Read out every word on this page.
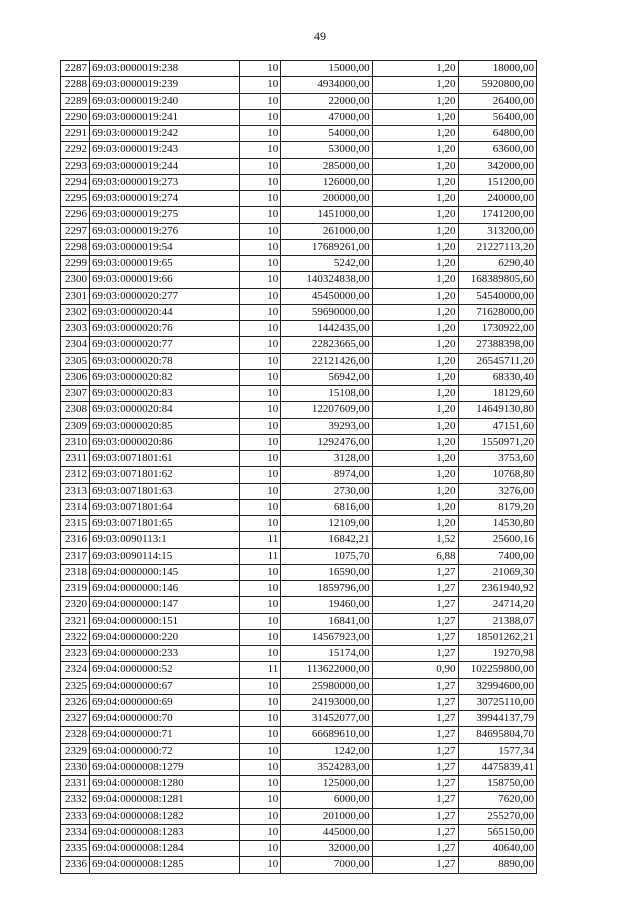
49
2287	69:03:0000019:238	10	15000,00	1,20	18000,00
2288	69:03:0000019:239	10	4934000,00	1,20	5920800,00
2289	69:03:0000019:240	10	22000,00	1,20	26400,00
2290	69:03:0000019:241	10	47000,00	1,20	56400,00
2291	69:03:0000019:242	10	54000,00	1,20	64800,00
2292	69:03:0000019:243	10	53000,00	1,20	63600,00
2293	69:03:0000019:244	10	285000,00	1,20	342000,00
2294	69:03:0000019:273	10	126000,00	1,20	151200,00
2295	69:03:0000019:274	10	200000,00	1,20	240000,00
2296	69:03:0000019:275	10	1451000,00	1,20	1741200,00
2297	69:03:0000019:276	10	261000,00	1,20	313200,00
2298	69:03:0000019:54	10	17689261,00	1,20	21227113,20
2299	69:03:0000019:65	10	5242,00	1,20	6290,40
2300	69:03:0000019:66	10	140324838,00	1,20	168389805,60
2301	69:03:0000020:277	10	45450000,00	1,20	54540000,00
2302	69:03:0000020:44	10	59690000,00	1,20	71628000,00
2303	69:03:0000020:76	10	1442435,00	1,20	1730922,00
2304	69:03:0000020:77	10	22823665,00	1,20	27388398,00
2305	69:03:0000020:78	10	22121426,00	1,20	26545711,20
2306	69:03:0000020:82	10	56942,00	1,20	68330,40
2307	69:03:0000020:83	10	15108,00	1,20	18129,60
2308	69:03:0000020:84	10	12207609,00	1,20	14649130,80
2309	69:03:0000020:85	10	39293,00	1,20	47151,60
2310	69:03:0000020:86	10	1292476,00	1,20	1550971,20
2311	69:03:0071801:61	10	3128,00	1,20	3753,60
2312	69:03:0071801:62	10	8974,00	1,20	10768,80
2313	69:03:0071801:63	10	2730,00	1,20	3276,00
2314	69:03:0071801:64	10	6816,00	1,20	8179,20
2315	69:03:0071801:65	10	12109,00	1,20	14530,80
2316	69:03:0090113:1	11	16842,21	1,52	25600,16
2317	69:03:0090114:15	11	1075,70	6,88	7400,00
2318	69:04:0000000:145	10	16590,00	1,27	21069,30
2319	69:04:0000000:146	10	1859796,00	1,27	2361940,92
2320	69:04:0000000:147	10	19460,00	1,27	24714,20
2321	69:04:0000000:151	10	16841,00	1,27	21388,07
2322	69:04:0000000:220	10	14567923,00	1,27	18501262,21
2323	69:04:0000000:233	10	15174,00	1,27	19270,98
2324	69:04:0000000:52	11	113622000,00	0,90	102259800,00
2325	69:04:0000000:67	10	25980000,00	1,27	32994600,00
2326	69:04:0000000:69	10	24193000,00	1,27	30725110,00
2327	69:04:0000000:70	10	31452077,00	1,27	39944137,79
2328	69:04:0000000:71	10	66689610,00	1,27	84695804,70
2329	69:04:0000000:72	10	1242,00	1,27	1577,34
2330	69:04:0000008:1279	10	3524283,00	1,27	4475839,41
2331	69:04:0000008:1280	10	125000,00	1,27	158750,00
2332	69:04:0000008:1281	10	6000,00	1,27	7620,00
2333	69:04:0000008:1282	10	201000,00	1,27	255270,00
2334	69:04:0000008:1283	10	445000,00	1,27	565150,00
2335	69:04:0000008:1284	10	32000,00	1,27	40640,00
2336	69:04:0000008:1285	10	7000,00	1,27	8890,00
